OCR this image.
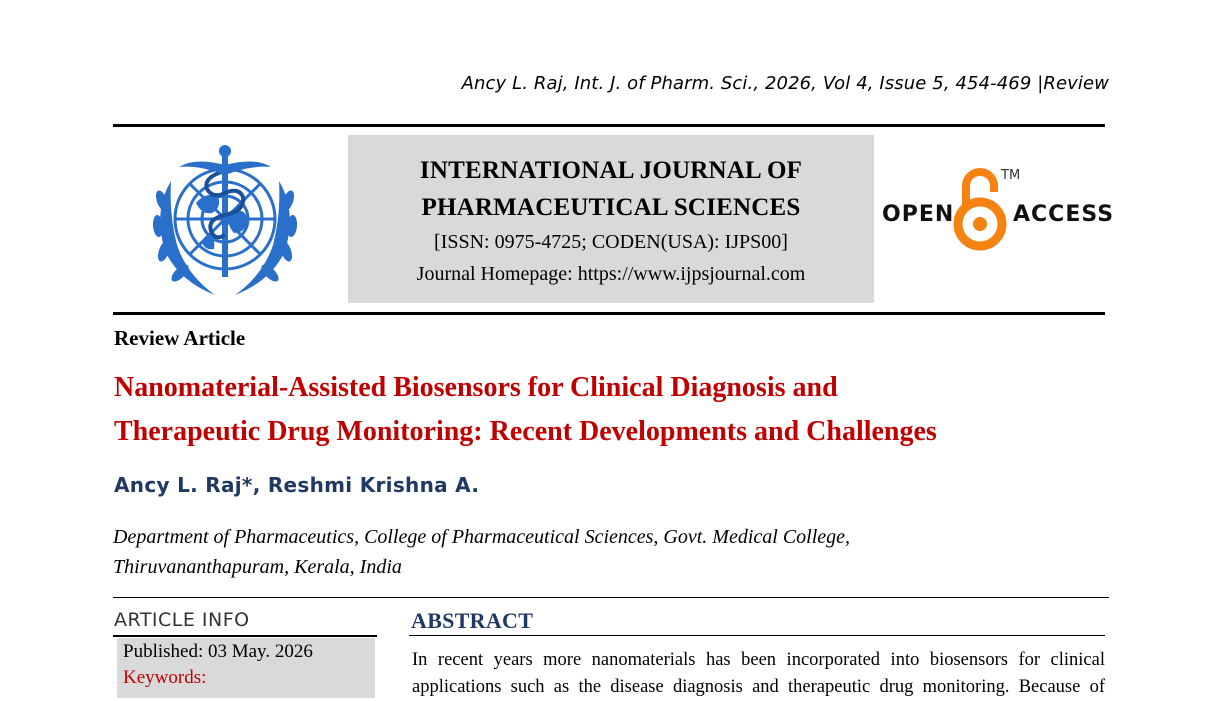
Ancy L. Raj, Int. J. of Pharm. Sci., 2026, Vol 4, Issue 5, 454-469 |Review
INTERNATIONAL JOURNAL OF
PHARMACEUTICAL SCIENCES
[ISSN: 0975-4725; CODEN(USA): IJPS00]
Journal Homepage: https://www.ijpsjournal.com
OPEN
TM
ACCESS
Review Article
Nanomaterial-Assisted Biosensors for Clinical Diagnosis and
Therapeutic Drug Monitoring: Recent Developments and Challenges
Ancy L. Raj*, Reshmi Krishna A.
Department of Pharmaceutics, College of Pharmaceutical Sciences, Govt. Medical College,
Thiruvananthapuram, Kerala, India
ARTICLE INFO
Published: 03 May. 2026
Keywords:
ABSTRACT
In recent years more nanomaterials has been incorporated into biosensors for clinical
applications such as the disease diagnosis and therapeutic drug monitoring. Because of
